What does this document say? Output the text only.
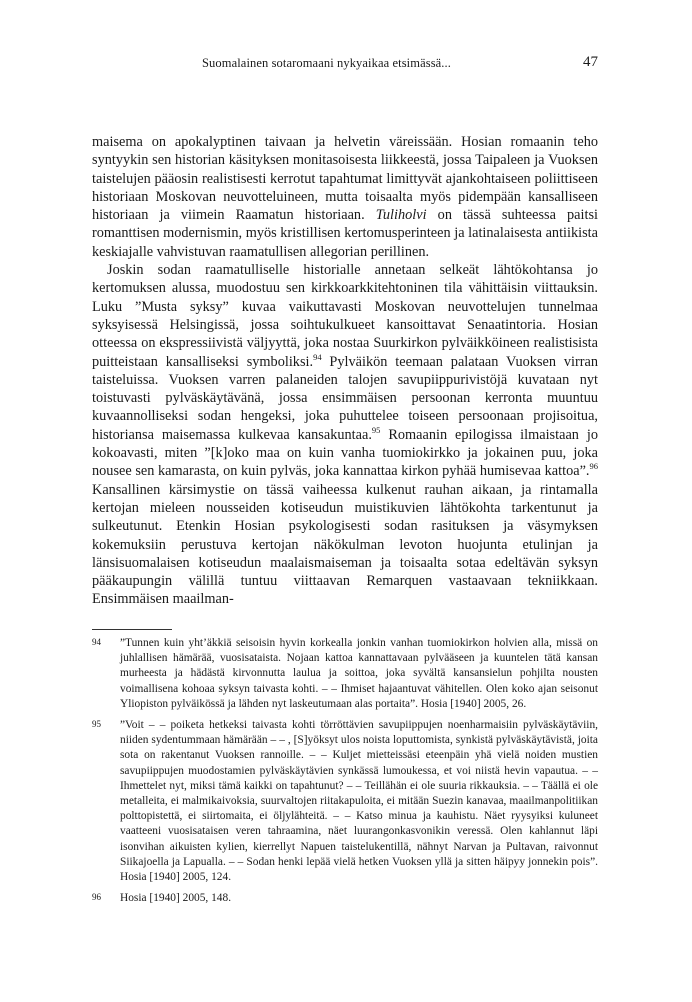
Suomalainen sotaromaani nykyaikaa etsimässä...	47

maisema on apokalyptinen taivaan ja helvetin väreissään. Hosian romaanin teho syntyykin sen historian käsityksen monitasoisesta liikkeestä, jossa Taipaleen ja Vuoksen taistelujen pääosin realistisesti kerrotut tapahtumat limittyvät ajankohtaiseen poliittiseen historiaan Moskovan neuvotteluineen, mutta toisaalta myös pidempään kansalliseen historiaan ja viimein Raamatun historiaan. Tuliholvi on tässä suhteessa paitsi romanttisen modernismin, myös kristillisen kertomusperinteen ja latinalaisesta antiikista keskiajalle vahvistuvan raamatullisen allegorian perillinen.

Joskin sodan raamatulliselle historialle annetaan selkeät lähtökohtansa jo kertomuksen alussa, muodostuu sen kirkkoarkkitehtoninen tila vähittäisin viittauksin. Luku ”Musta syksy” kuvaa vaikuttavasti Moskovan neuvottelujen tunnelmaa syksyisessä Helsingissä, jossa soihtukulkueet kansoittavat Senaatintoria. Hosian otteessa on ekspressiivistä väljyyttä, joka nostaa Suurkirkon pylväikköineen realistisista puitteistaan kansalliseksi symboliksi.$^{94}$ Pylväikön teemaan palataan Vuoksen virran taisteluissa. Vuoksen varren palaneiden talojen savupiippurivistöjä kuvataan nyt toistuvasti pylväskäytävänä, jossa ensimmäisen persoonan kerronta muuntuu kuvaannolliseksi sodan hengeksi, joka puhuttelee toiseen persoonaan projisoitua, historiansa maisemassa kulkevaa kansakuntaa.$^{95}$ Romaanin epilogissa ilmaistaan jo kokoavasti, miten ”[k]oko maa on kuin vanha tuomiokirkko ja jokainen puu, joka nousee sen kamarasta, on kuin pylväs, joka kannattaa kirkon pyhää humisevaa kattoa”.$^{96}$ Kansallinen kärsimystie on tässä vaiheessa kulkenut rauhan aikaan, ja rintamalla kertojan mieleen nousseiden kotiseudun muistikuvien lähtökohta tarkentunut ja sulkeutunut. Etenkin Hosian psykologisesti sodan rasituksen ja väsymyksen kokemuksiin perustuva kertojan näkökulman levoton huojunta etulinjan ja länsisuomalaisen kotiseudun maalaismaiseman ja toisaalta sotaa edeltävän syksyn pääkaupungin välillä tuntuu viittaavan Remarquen vastaavaan tekniikkaan. Ensimmäisen maailman-

94 ”Tunnen kuin yht’äkkiä seisoisin hyvin korkealla jonkin vanhan tuomiokirkon holvien alla, missä on juhlallisen hämärää, vuosisataista. Nojaan kattoa kannattavaan pylvääseen ja kuuntelen tätä kansan murheesta ja hädästä kirvonnutta laulua ja soittoa, joka syvältä kansansielun pohjilta nousten voimallisena kohoaa syksyn taivasta kohti. – – Ihmiset hajaantuvat vähitellen. Olen koko ajan seisonut Yliopiston pylväikössä ja lähden nyt laskeutumaan alas portaita”. Hosia [1940] 2005, 26.
95 ”Voit – – poiketa hetkeksi taivasta kohti törröttävien savupiippujen noenharmaisiin pylväskäytäviin, niiden sydentummaan hämärään – – , [S]yöksyt ulos noista loputtomista, synkistä pylväskäytävistä, joita sota on rakentanut Vuoksen rannoille. – – Kuljet mietteissäsi eteenpäin yhä vielä noiden mustien savupiippujen muodostamien pylväskäytävien synkässä lumoukessa, et voi niistä hevin vapautua. – – Ihmettelet nyt, miksi tämä kaikki on tapahtunut? – – Teillähän ei ole suuria rikkauksia. – – Täällä ei ole metalleita, ei malmikaivoksia, suurvaltojen riitakapuloita, ei mitään Suezin kanavaa, maailmanpolitiikan polttopistettä, ei siirtomaita, ei öljylähteitä. – – Katso minua ja kauhistu. Näet ryysyiksi kuluneet vaatteeni vuosisataisen veren tahraamina, näet luurangonkasvonikin veressä. Olen kahlannut läpi isonvihan aikuisten kylien, kierrellyt Napuen taistelukentillä, nähnyt Narvan ja Pultavan, raivonnut Siikajoella ja Lapualla. – – Sodan henki lepää vielä hetken Vuoksen yllä ja sitten häipyy jonnekin pois”. Hosia [1940] 2005, 124.
96 Hosia [1940] 2005, 148.
